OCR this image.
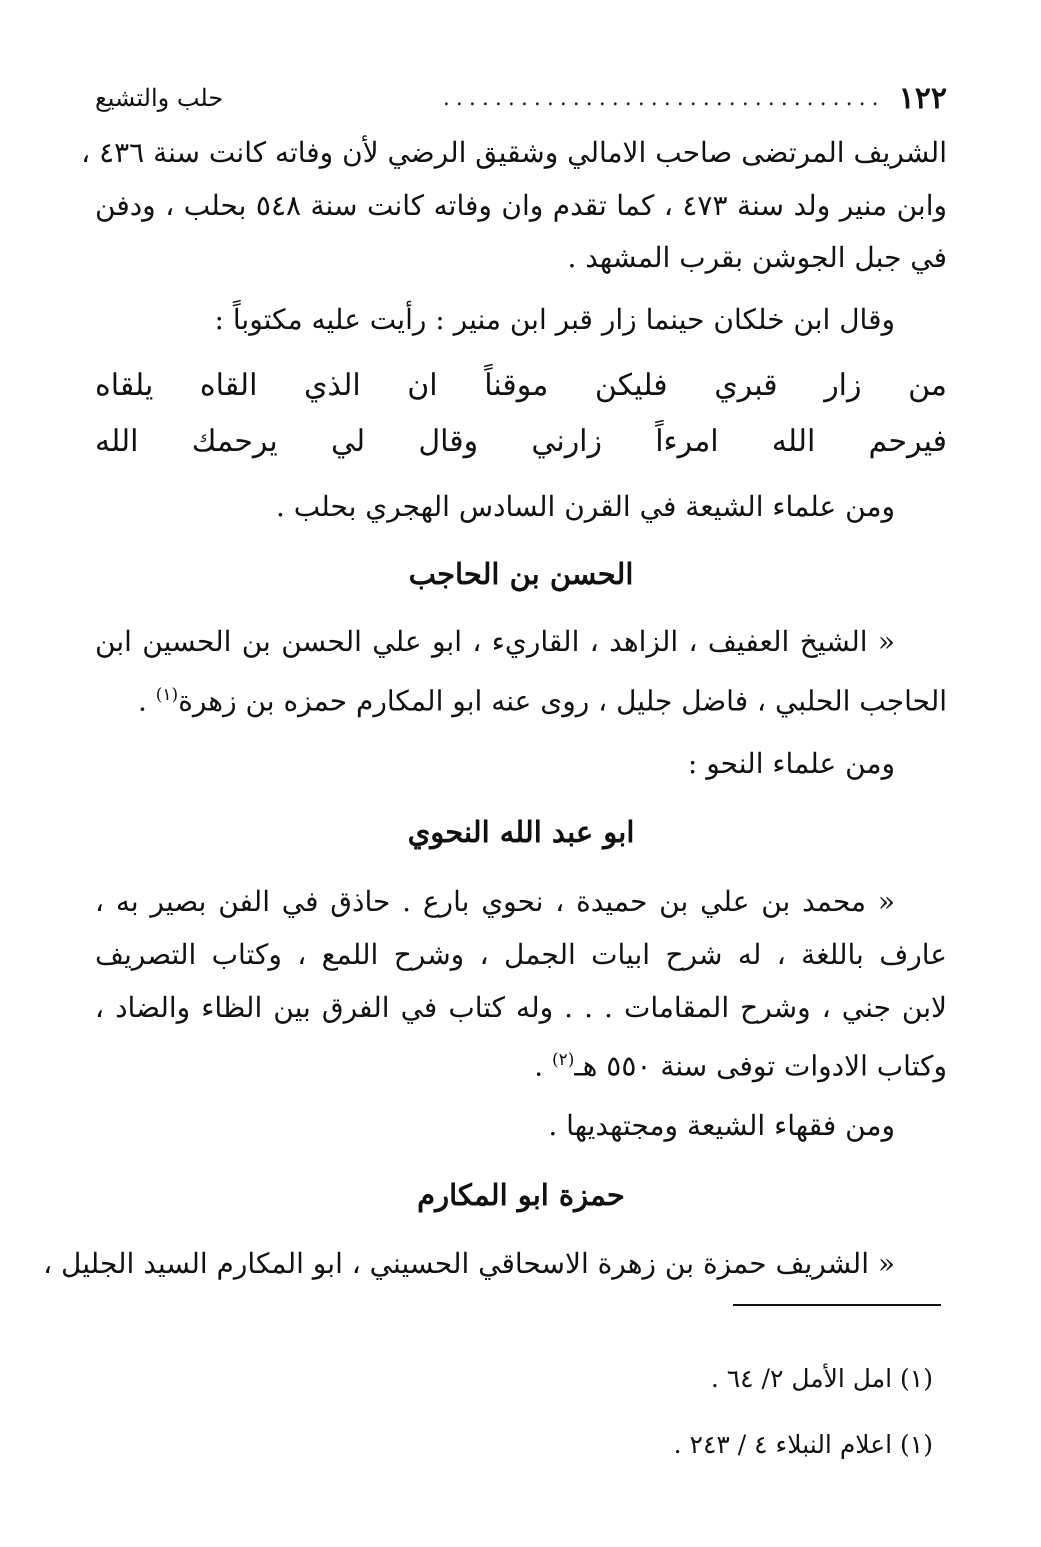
١٢٢
..................................
حلب والتشيع
الشريف المرتضى صاحب الامالي وشقيق الرضي لأن وفاته كانت سنة ٤٣٦ ،
وابن منير ولد سنة ٤٧٣ ، كما تقدم وان وفاته كانت سنة ٥٤٨ بحلب ، ودفن
في جبل الجوشن بقرب المشهد .
وقال ابن خلكان حينما زار قبر ابن منير : رأيت عليه مكتوباً :
من زار قبري فليكن موقناً ان الذي القاه يلقاه
فيرحم الله امرءاً زارني وقال لي يرحمك الله
ومن علماء الشيعة في القرن السادس الهجري بحلب .
الحسن بن الحاجب
« الشيخ العفيف ، الزاهد ، القاريء ، ابو علي الحسن بن الحسين ابن
الحاجب الحلبي ، فاضل جليل ، روى عنه ابو المكارم حمزه بن زهرة$^{(١)}$ .
ومن علماء النحو :
ابو عبد الله النحوي
« محمد بن علي بن حميدة ، نحوي بارع . حاذق في الفن بصير به ،
عارف باللغة ، له شرح ابيات الجمل ، وشرح اللمع ، وكتاب التصريف
لابن جني ، وشرح المقامات . . . وله كتاب في الفرق بين الظاء والضاد ،
وكتاب الادوات توفى سنة ٥٥٠ هـ$^{(٢)}$ .
ومن فقهاء الشيعة ومجتهديها .
حمزة ابو المكارم
« الشريف حمزة بن زهرة الاسحاقي الحسيني ، ابو المكارم السيد الجليل ،
(١) امل الأمل ٢/ ٦٤ .
(١) اعلام النبلاء ٤ / ٢٤٣ .
